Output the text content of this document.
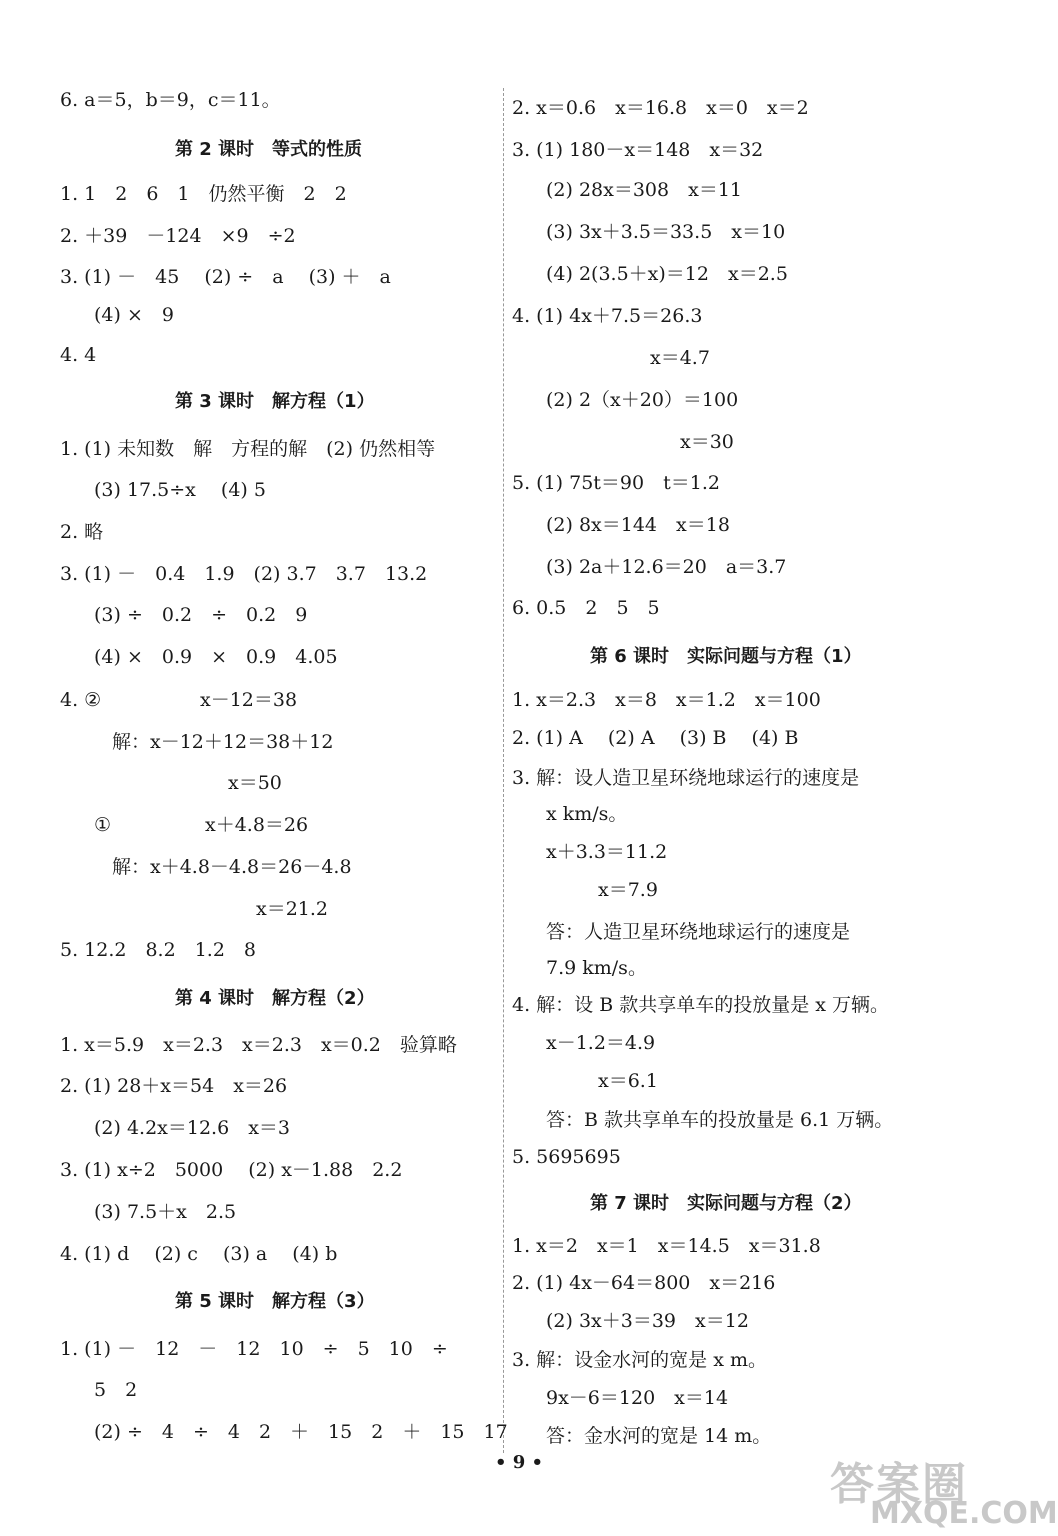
6. a＝5，b＝9，c＝11。
第 2 课时　等式的性质
1. 1　2　6　1　仍然平衡　2　2
2. ＋39　－124　×9　÷2
3. (1) －　45　 (2) ÷　a　 (3) ＋　a
(4) ×　9
4. 4
第 3 课时　解方程（1）
1. (1) 未知数　解　方程的解　(2) 仍然相等
(3) 17.5÷x　 (4) 5
2. 略
3. (1) －　0.4　1.9　(2) 3.7　3.7　13.2
(3) ÷　0.2　÷　0.2　9
(4) ×　0.9　×　0.9　4.05
4. ②	x－12＝38
解：x－12＋12＝38＋12
x＝50
①	x＋4.8＝26
解：x＋4.8－4.8＝26－4.8
x＝21.2
5. 12.2　8.2　1.2　8
第 4 课时　解方程（2）
1. x＝5.9　x＝2.3　x＝2.3　x＝0.2　验算略
2. (1) 28＋x＝54　x＝26
(2) 4.2x＝12.6　x＝3
3. (1) x÷2　5000　 (2) x－1.88　2.2
(3) 7.5＋x　2.5
4. (1) d　 (2) c　 (3) a　 (4) b
第 5 课时　解方程（3）
1. (1) －　12　－　12　10　÷　5　10　÷
5　2
(2) ÷　4　÷　4　2　＋　15　2　＋　15　17
2. x＝0.6　x＝16.8　x＝0　x＝2
3. (1) 180－x＝148　x＝32
(2) 28x＝308　x＝11
(3) 3x＋3.5＝33.5　x＝10
(4) 2(3.5＋x)＝12　x＝2.5
4. (1) 4x＋7.5＝26.3
x＝4.7
(2) 2（x＋20）＝100
x＝30
5. (1) 75t＝90　t＝1.2
(2) 8x＝144　x＝18
(3) 2a＋12.6＝20　a＝3.7
6. 0.5　2　5　5
第 6 课时　实际问题与方程（1）
1. x＝2.3　x＝8　x＝1.2　x＝100
2. (1) A　 (2) A　 (3) B　 (4) B
3. 解：设人造卫星环绕地球运行的速度是
x km/s。
x＋3.3＝11.2
x＝7.9
答：人造卫星环绕地球运行的速度是
7.9 km/s。
4. 解：设 B 款共享单车的投放量是 x 万辆。
x－1.2＝4.9
x＝6.1
答：B 款共享单车的投放量是 6.1 万辆。
5. 5695695
第 7 课时　实际问题与方程（2）
1. x＝2　x＝1　x＝14.5　x＝31.8
2. (1) 4x－64＝800　x＝216
(2) 3x＋3＝39　x＝12
3. 解：设金水河的宽是 x m。
9x－6＝120　x＝14
答：金水河的宽是 14 m。
• 9 •	答案圈
MXQE.COM
